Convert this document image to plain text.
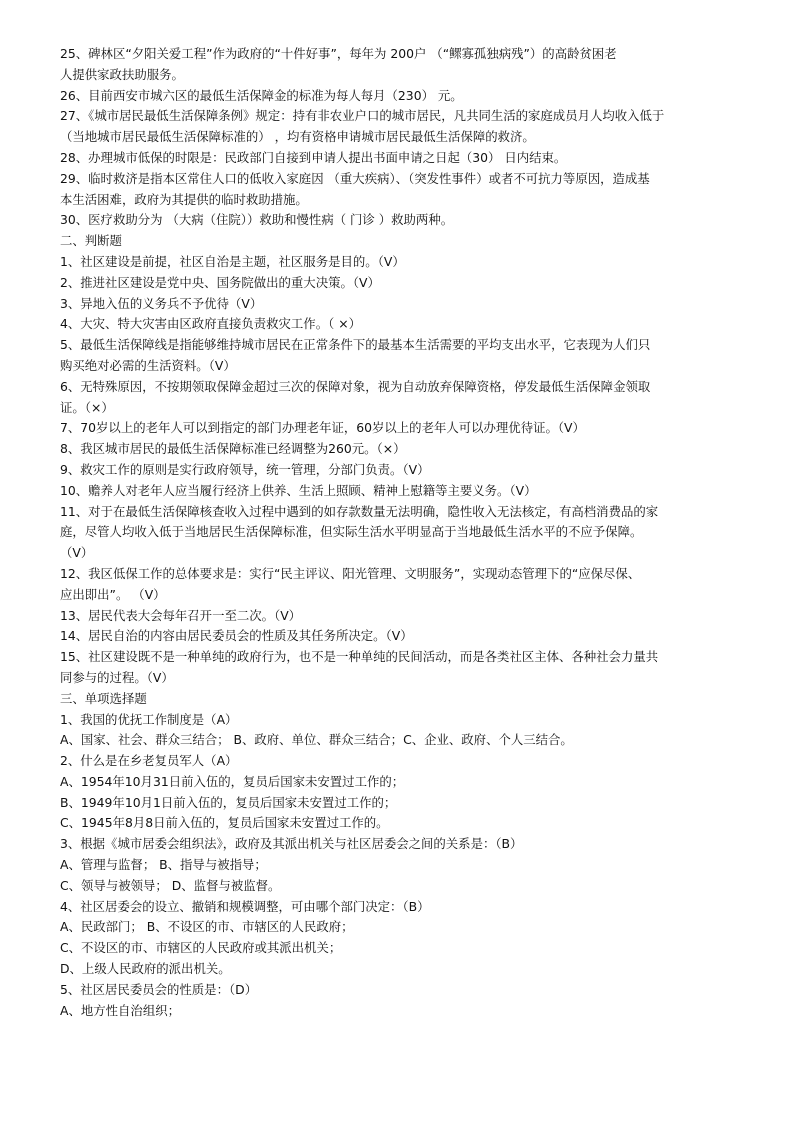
25、碑林区“夕阳关爱工程”作为政府的“十件好事”，每年为 200户 （“鳏寡孤独病残”）的高龄贫困老
人提供家政扶助服务。
26、目前西安市城六区的最低生活保障金的标准为每人每月（230） 元。
27、《城市居民最低生活保障条例》规定：持有非农业户口的城市居民，凡共同生活的家庭成员月人均收入低于
（当地城市居民最低生活保障标准的） ，均有资格申请城市居民最低生活保障的救济。
28、办理城市低保的时限是：民政部门自接到申请人提出书面申请之日起（30） 日内结束。
29、临时救济是指本区常住人口的低收入家庭因 （重大疾病）、（突发性事件）或者不可抗力等原因，造成基
本生活困难，政府为其提供的临时救助措施。
30、医疗救助分为 （大病（住院））救助和慢性病（ 门诊 ）救助两种。
二、判断题
1、社区建设是前提，社区自治是主题，社区服务是目的。（V）
2、推进社区建设是党中央、国务院做出的重大决策。（V）
3、异地入伍的义务兵不予优待（V）
4、大灾、特大灾害由区政府直接负责救灾工作。（ ×）
5、最低生活保障线是指能够维持城市居民在正常条件下的最基本生活需要的平均支出水平，它表现为人们只
购买绝对必需的生活资料。（V）
6、无特殊原因，不按期领取保障金超过三次的保障对象，视为自动放弃保障资格，停发最低生活保障金领取
证。（×）
7、70岁以上的老年人可以到指定的部门办理老年证，60岁以上的老年人可以办理优待证。（V）
8、我区城市居民的最低生活保障标准已经调整为260元。（×）
9、救灾工作的原则是实行政府领导，统一管理，分部门负责。（V）
10、赡养人对老年人应当履行经济上供养、生活上照顾、精神上慰籍等主要义务。（V）
11、对于在最低生活保障核查收入过程中遇到的如存款数量无法明确，隐性收入无法核定，有高档消费品的家
庭，尽管人均收入低于当地居民生活保障标准，但实际生活水平明显高于当地最低生活水平的不应予保障。
（V）
12、我区低保工作的总体要求是：实行“民主评议、阳光管理、文明服务”，实现动态管理下的“应保尽保、
应出即出”。 （V）
13、居民代表大会每年召开一至二次。（V）
14、居民自治的内容由居民委员会的性质及其任务所决定。（V）
15、社区建设既不是一种单纯的政府行为，也不是一种单纯的民间活动，而是各类社区主体、各种社会力量共
同参与的过程。（V）
三、单项选择题
1、我国的优抚工作制度是（A）
A、国家、社会、群众三结合； B、政府、单位、群众三结合；C、企业、政府、个人三结合。
2、什么是在乡老复员军人（A）
A、1954年10月31日前入伍的，复员后国家未安置过工作的；
B、1949年10月1日前入伍的，复员后国家未安置过工作的；
C、1945年8月8日前入伍的，复员后国家未安置过工作的。
3、根据《城市居委会组织法》，政府及其派出机关与社区居委会之间的关系是：（B）
A、管理与监督； B、指导与被指导；
C、领导与被领导； D、监督与被监督。
4、社区居委会的设立、撤销和规模调整，可由哪个部门决定：（B）
A、民政部门； B、不设区的市、市辖区的人民政府；
C、不设区的市、市辖区的人民政府或其派出机关；
D、上级人民政府的派出机关。
5、社区居民委员会的性质是：（D）
A、地方性自治组织；
